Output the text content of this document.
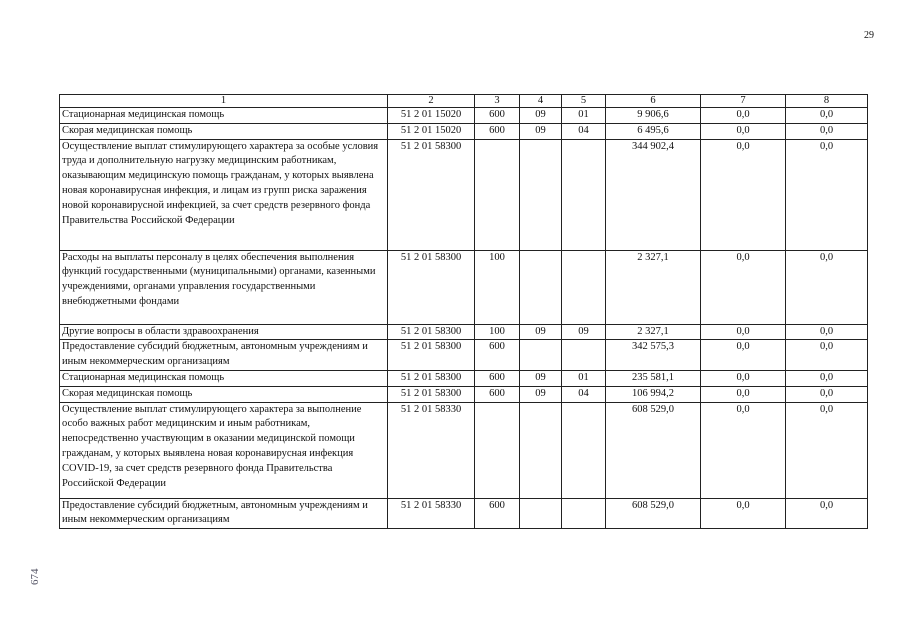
29
1	2	3	4	5	6	7	8
Стационарная медицинская помощь	51 2 01 15020	600	09	01	9 906,6	0,0	0,0
Скорая медицинская помощь	51 2 01 15020	600	09	04	6 495,6	0,0	0,0
Осуществление выплат стимулирующего характера за особые условия труда и дополнительную нагрузку медицинским работникам, оказывающим медицинскую помощь гражданам, у которых выявлена новая коронавирусная инфекция, и лицам из групп риска заражения новой коронавирусной инфекцией, за счет средств резервного фонда Правительства Российской Федерации	51 2 01 58300				344 902,4	0,0	0,0
Расходы на выплаты персоналу в целях обеспечения выполнения функций государственными (муниципальными) органами, казенными учреждениями, органами управления государственными внебюджетными фондами	51 2 01 58300	100			2 327,1	0,0	0,0
Другие вопросы в области здравоохранения	51 2 01 58300	100	09	09	2 327,1	0,0	0,0
Предоставление субсидий бюджетным, автономным учреждениям и иным некоммерческим организациям	51 2 01 58300	600			342 575,3	0,0	0,0
Стационарная медицинская помощь	51 2 01 58300	600	09	01	235 581,1	0,0	0,0
Скорая медицинская помощь	51 2 01 58300	600	09	04	106 994,2	0,0	0,0
Осуществление выплат стимулирующего характера за выполнение особо важных работ медицинским и иным работникам, непосредственно участвующим в оказании медицинской помощи гражданам, у которых выявлена новая коронавирусная инфекция COVID-19, за счет средств резервного фонда Правительства Российской Федерации	51 2 01 58330				608 529,0	0,0	0,0
Предоставление субсидий бюджетным, автономным учреждениям и иным некоммерческим организациям	51 2 01 58330	600			608 529,0	0,0	0,0
674
